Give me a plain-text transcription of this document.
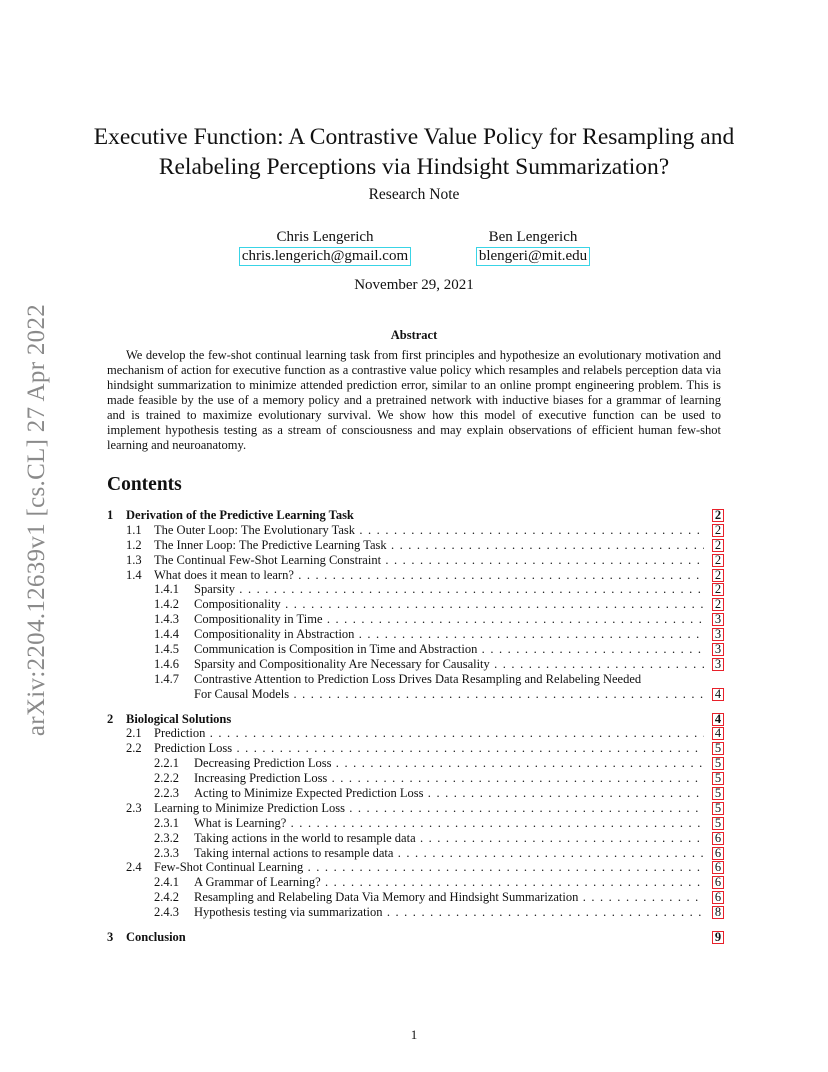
arXiv:2204.12639v1 [cs.CL] 27 Apr 2022
Executive Function: A Contrastive Value Policy for Resampling and
Relabeling Perceptions via Hindsight Summarization?
Research Note
Chris Lengerich
chris.lengerich@gmail.com
Ben Lengerich
blengeri@mit.edu
November 29, 2021
Abstract

We develop the few-shot continual learning task from first principles and hypothesize an evolutionary motivation and mechanism of action for executive function as a contrastive value policy which resamples and relabels perception data via hindsight summarization to minimize attended prediction error, similar to an online prompt engineering problem. This is made feasible by the use of a memory policy and a pretrained network with inductive biases for a grammar of learning and is trained to maximize evolutionary survival. We show how this model of executive function can be used to implement hypothesis testing as a stream of consciousness and may explain observations of efficient human few-shot learning and neuroanatomy.

Contents
1 Derivation of the Predictive Learning Task	2
1.1 The Outer Loop: The Evolutionary Task . . .	2
1.2 The Inner Loop: The Predictive Learning Task . . .	2
1.3 The Continual Few-Shot Learning Constraint . . .	2
1.4 What does it mean to learn? . . .	2
1.4.1 Sparsity . . .	2
1.4.2 Compositionality . . .	2
1.4.3 Compositionality in Time . . .	3
1.4.4 Compositionality in Abstraction . . .	3
1.4.5 Communication is Composition in Time and Abstraction . . .	3
1.4.6 Sparsity and Compositionality Are Necessary for Causality . . .	3
1.4.7 Contrastive Attention to Prediction Loss Drives Data Resampling and Relabeling Needed
For Causal Models . . .	4
2 Biological Solutions	4
2.1 Prediction . . .	4
2.2 Prediction Loss . . .	5
2.2.1 Decreasing Prediction Loss . . .	5
2.2.2 Increasing Prediction Loss . . .	5
2.2.3 Acting to Minimize Expected Prediction Loss . . .	5
2.3 Learning to Minimize Prediction Loss . . .	5
2.3.1 What is Learning? . . .	5
2.3.2 Taking actions in the world to resample data . . .	6
2.3.3 Taking internal actions to resample data . . .	6
2.4 Few-Shot Continual Learning . . .	6
2.4.1 A Grammar of Learning? . . .	6
2.4.2 Resampling and Relabeling Data Via Memory and Hindsight Summarization . . .	6
2.4.3 Hypothesis testing via summarization . . .	8
3 Conclusion	9
1
